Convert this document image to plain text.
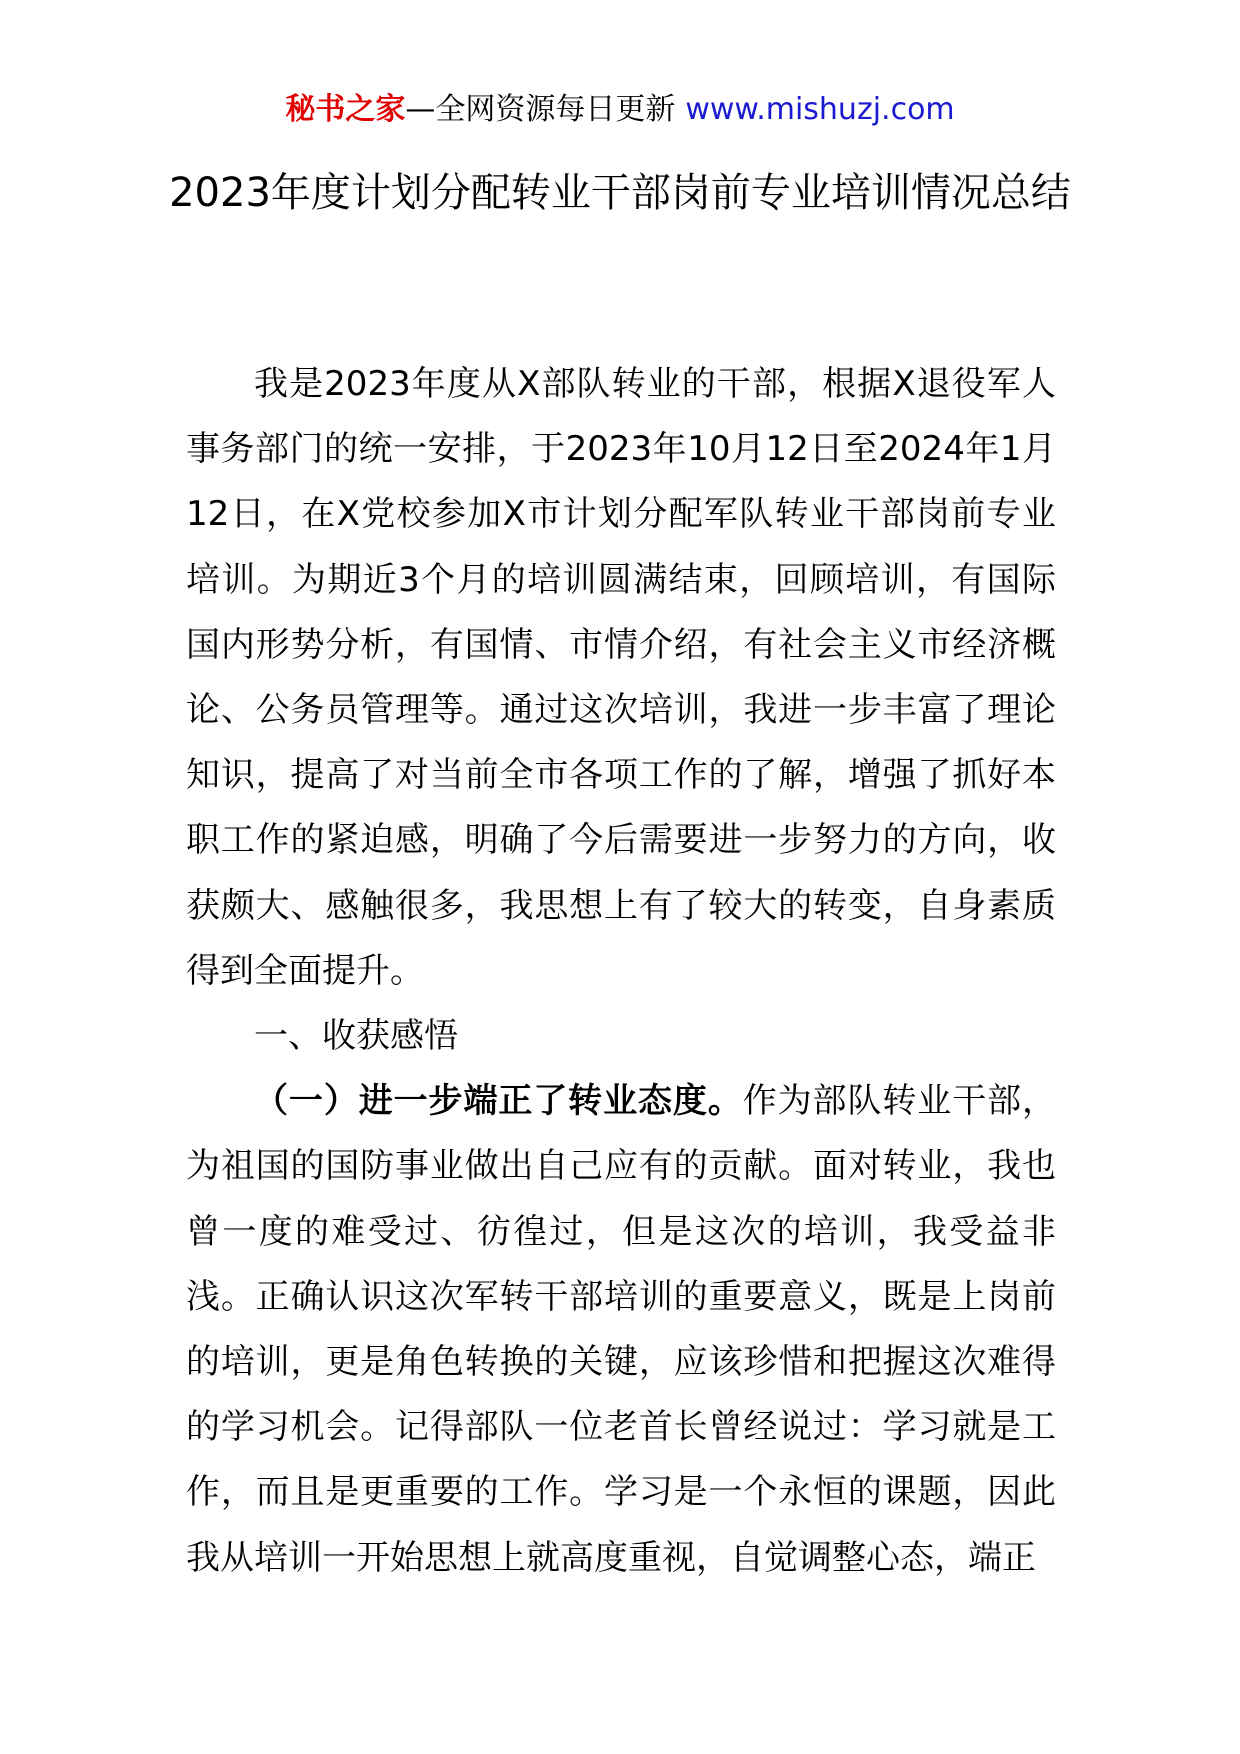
秘书之家—全网资源每日更新 www.mishuzj.com
2023年度计划分配转业干部岗前专业培训情况总结

我是2023年度从X部队转业的干部，根据X退役军人事务部门的统一安排，于2023年10月12日至2024年1月12日，在X党校参加X市计划分配军队转业干部岗前专业培训。为期近3个月的培训圆满结束，回顾培训，有国际国内形势分析，有国情、市情介绍，有社会主义市经济概论、公务员管理等。通过这次培训，我进一步丰富了理论知识，提高了对当前全市各项工作的了解，增强了抓好本职工作的紧迫感，明确了今后需要进一步努力的方向，收获颇大、感触很多，我思想上有了较大的转变，自身素质得到全面提升。

一、收获感悟

（一）进一步端正了转业态度。作为部队转业干部，为祖国的国防事业做出自己应有的贡献。面对转业，我也曾一度的难受过、彷徨过，但是这次的培训，我受益非浅。正确认识这次军转干部培训的重要意义，既是上岗前的培训，更是角色转换的关键，应该珍惜和把握这次难得的学习机会。记得部队一位老首长曾经说过：学习就是工作，而且是更重要的工作。学习是一个永恒的课题，因此我从培训一开始思想上就高度重视，自觉调整心态，端正
